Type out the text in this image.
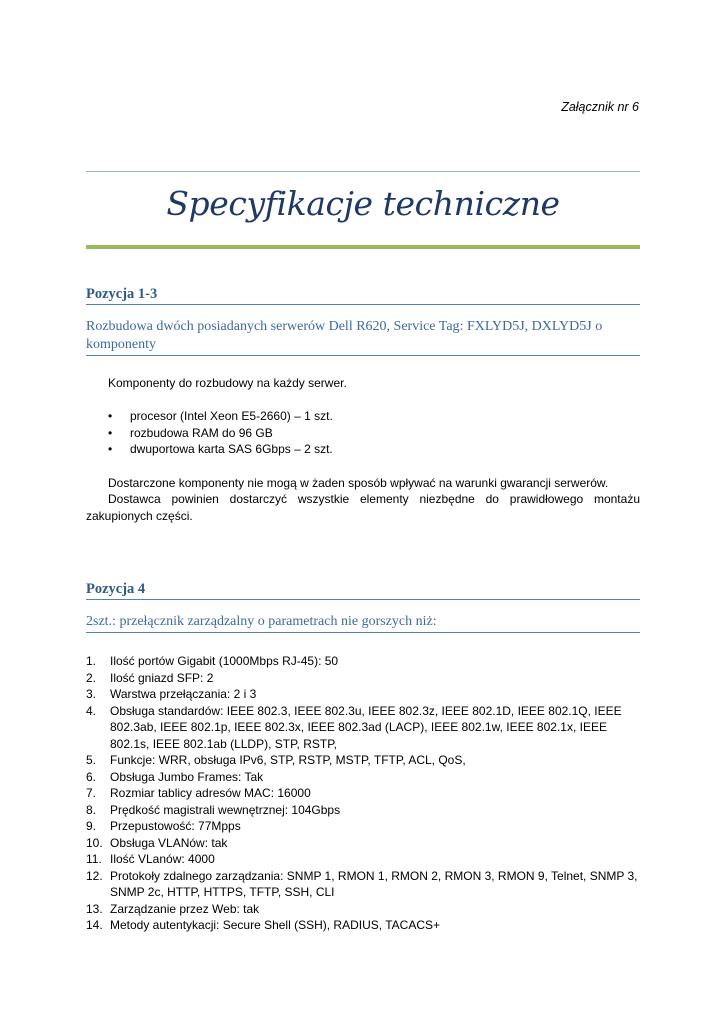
Załącznik nr 6
Specyfikacje techniczne
Pozycja 1-3
Rozbudowa dwóch posiadanych serwerów Dell R620, Service Tag: FXLYD5J, DXLYD5J o komponenty
Komponenty do rozbudowy na każdy serwer.
• procesor (Intel Xeon E5-2660) – 1 szt.
• rozbudowa RAM do 96 GB
• dwuportowa karta SAS 6Gbps – 2 szt.
Dostarczone komponenty nie mogą w żaden sposób wpływać na warunki gwarancji serwerów.
Dostawca powinien dostarczyć wszystkie elementy niezbędne do prawidłowego montażu zakupionych części.
Pozycja 4
2szt.: przełącznik zarządzalny o parametrach nie gorszych niż:
1. Ilość portów Gigabit (1000Mbps RJ-45): 50
2. Ilość gniazd SFP: 2
3. Warstwa przełączania: 2 i 3
4. Obsługa standardów: IEEE 802.3, IEEE 802.3u, IEEE 802.3z, IEEE 802.1D, IEEE 802.1Q, IEEE 802.3ab, IEEE 802.1p, IEEE 802.3x, IEEE 802.3ad (LACP), IEEE 802.1w, IEEE 802.1x, IEEE 802.1s, IEEE 802.1ab (LLDP), STP, RSTP,
5. Funkcje: WRR, obsługa IPv6, STP, RSTP, MSTP, TFTP, ACL, QoS,
6. Obsługa Jumbo Frames: Tak
7. Rozmiar tablicy adresów MAC: 16000
8. Prędkość magistrali wewnętrznej: 104Gbps
9. Przepustowość: 77Mpps
10. Obsługa VLANów: tak
11. Ilość VLanów: 4000
12. Protokoły zdalnego zarządzania: SNMP 1, RMON 1, RMON 2, RMON 3, RMON 9, Telnet, SNMP 3, SNMP 2c, HTTP, HTTPS, TFTP, SSH, CLI
13. Zarządzanie przez Web: tak
14. Metody autentykacji: Secure Shell (SSH), RADIUS, TACACS+
